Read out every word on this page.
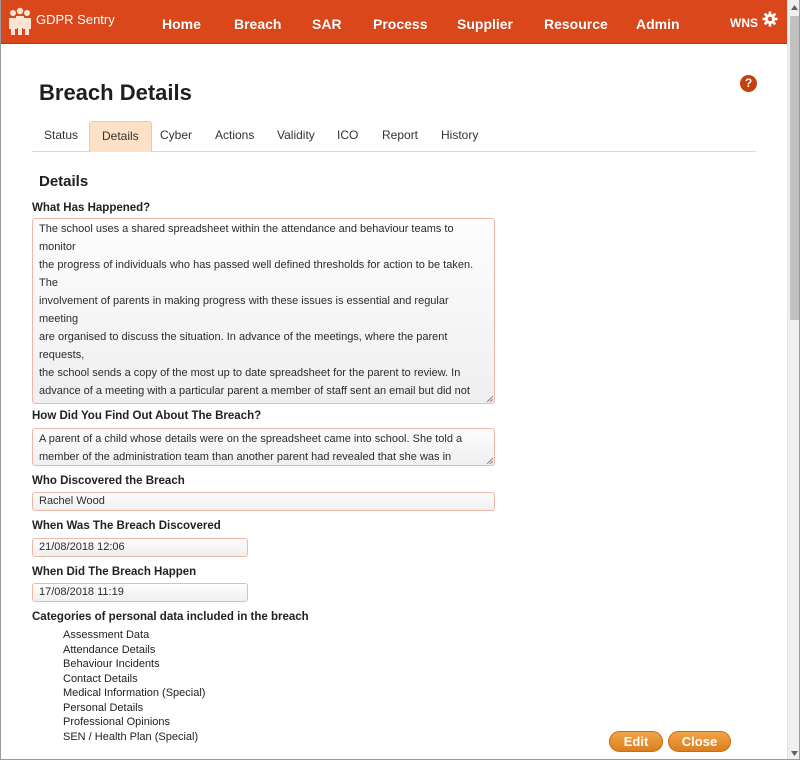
GDPR Sentry	Home Breach SAR Process Supplier Resource Admin	WNS
Breach Details	?
Status	Details	Cyber	Actions	Validity	ICO	Report	History
Details
What Has Happened?
The school uses a shared spreadsheet within the attendance and behaviour teams to monitor
the progress of individuals who has passed well defined thresholds for action to be taken. The
involvement of parents in making progress with these issues is essential and regular meeting
are organised to discuss the situation. In advance of the meetings, where the parent requests,
the school sends a copy of the most up to date spreadsheet for the parent to review. In
advance of a meeting with a particular parent a member of staff sent an email but did not
How Did You Find Out About The Breach?
A parent of a child whose details were on the spreadsheet came into school. She told a
member of the administration team than another parent had revealed that she was in
Who Discovered the Breach
Rachel Wood
When Was The Breach Discovered
21/08/2018 12:06
When Did The Breach Happen
17/08/2018 11:19
Categories of personal data included in the breach
Assessment Data
Attendance Details
Behaviour Incidents
Contact Details
Medical Information (Special)
Personal Details
Professional Opinions
SEN / Health Plan (Special)	Edit	Close
